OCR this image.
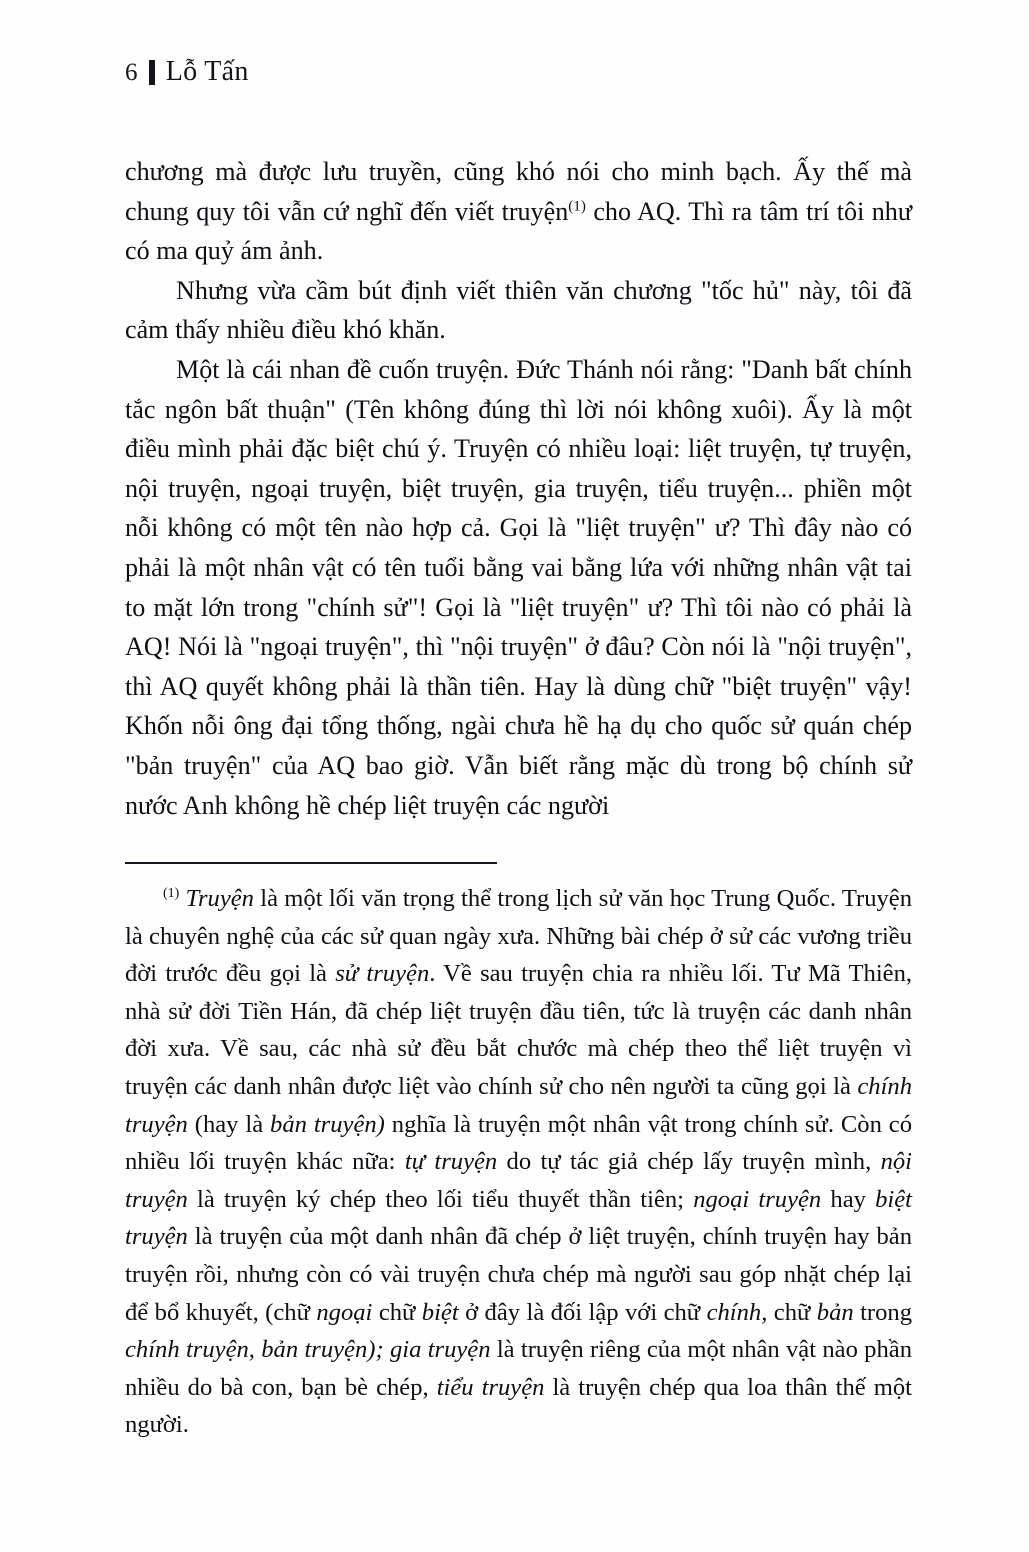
6 Lỗ Tấn

chương mà được lưu truyền, cũng khó nói cho minh bạch. Ấy thế mà chung quy tôi vẫn cứ nghĩ đến viết truyện$^{(1)}$ cho AQ. Thì ra tâm trí tôi như có ma quỷ ám ảnh.

Nhưng vừa cầm bút định viết thiên văn chương "tốc hủ" này, tôi đã cảm thấy nhiều điều khó khăn.

Một là cái nhan đề cuốn truyện. Đức Thánh nói rằng: "Danh bất chính tắc ngôn bất thuận" (Tên không đúng thì lời nói không xuôi). Ấy là một điều mình phải đặc biệt chú ý. Truyện có nhiều loại: liệt truyện, tự truyện, nội truyện, ngoại truyện, biệt truyện, gia truyện, tiểu truyện... phiền một nỗi không có một tên nào hợp cả. Gọi là "liệt truyện" ư? Thì đây nào có phải là một nhân vật có tên tuổi bằng vai bằng lứa với những nhân vật tai to mặt lớn trong "chính sử"! Gọi là "liệt truyện" ư? Thì tôi nào có phải là AQ! Nói là "ngoại truyện", thì "nội truyện" ở đâu? Còn nói là "nội truyện", thì AQ quyết không phải là thần tiên. Hay là dùng chữ "biệt truyện" vậy! Khốn nỗi ông đại tổng thống, ngài chưa hề hạ dụ cho quốc sử quán chép "bản truyện" của AQ bao giờ. Vẫn biết rằng mặc dù trong bộ chính sử nước Anh không hề chép liệt truyện các người

$^{(1)}$ Truyện là một lối văn trọng thể trong lịch sử văn học Trung Quốc. Truyện là chuyên nghệ của các sử quan ngày xưa. Những bài chép ở sử các vương triều đời trước đều gọi là sử truyện. Về sau truyện chia ra nhiều lối. Tư Mã Thiên, nhà sử đời Tiền Hán, đã chép liệt truyện đầu tiên, tức là truyện các danh nhân đời xưa. Về sau, các nhà sử đều bắt chước mà chép theo thể liệt truyện vì truyện các danh nhân được liệt vào chính sử cho nên người ta cũng gọi là chính truyện (hay là bản truyện) nghĩa là truyện một nhân vật trong chính sử. Còn có nhiều lối truyện khác nữa: tự truyện do tự tác giả chép lấy truyện mình, nội truyện là truyện ký chép theo lối tiểu thuyết thần tiên; ngoại truyện hay biệt truyện là truyện của một danh nhân đã chép ở liệt truyện, chính truyện hay bản truyện rồi, nhưng còn có vài truyện chưa chép mà người sau góp nhặt chép lại để bổ khuyết, (chữ ngoại chữ biệt ở đây là đối lập với chữ chính, chữ bản trong chính truyện, bản truyện); gia truyện là truyện riêng của một nhân vật nào phần nhiều do bà con, bạn bè chép, tiểu truyện là truyện chép qua loa thân thế một người.
